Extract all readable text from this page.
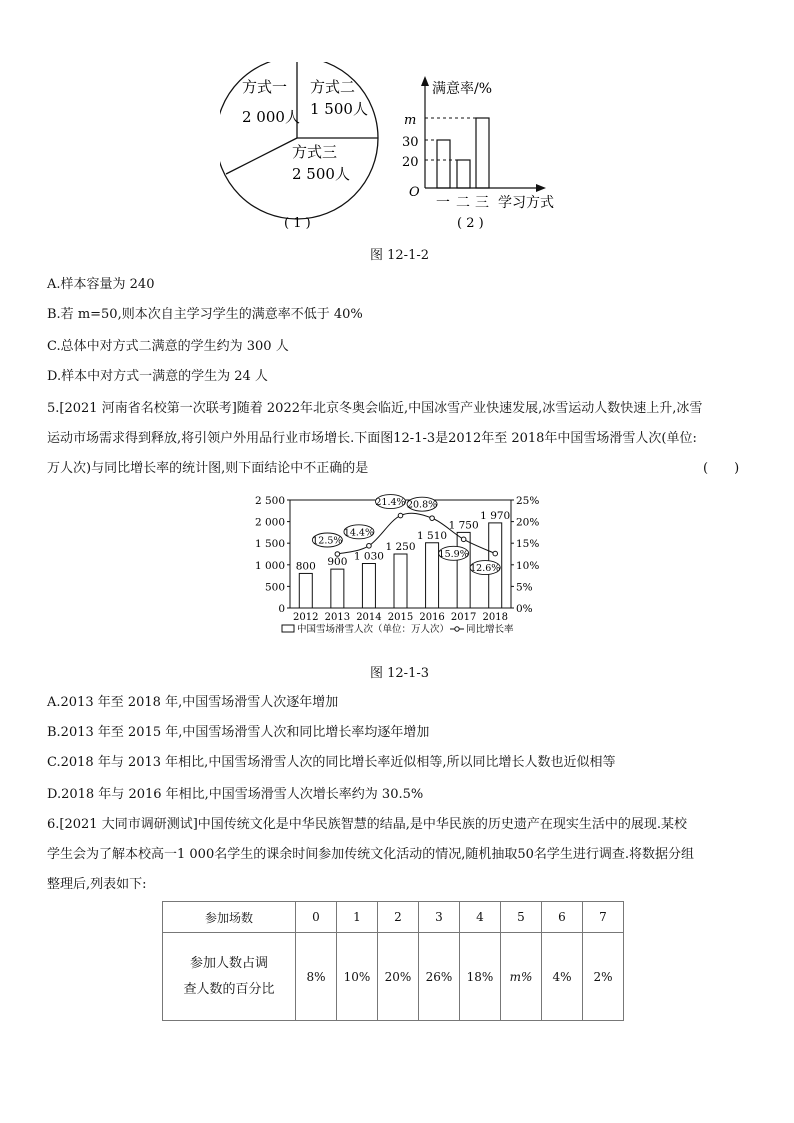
方式一
2 000人
方式二
1 500人
方式三
2 500人
( 1 )
满意率/%
m
30
20
O
一 二 三 学习方式
( 2 )
图 12-1-2
A.样本容量为 240
B.若 m=50,则本次自主学习学生的满意率不低于 40%
C.总体中对方式二满意的学生约为 300 人
D.样本中对方式一满意的学生为 24 人
5.[2021 河南省名校第一次联考]随着 2022年北京冬奥会临近,中国冰雪产业快速发展,冰雪运动人数快速上升,冰雪
运动市场需求得到释放,将引领户外用品行业市场增长.下面图12-1-3是2012年至 2018年中国雪场滑雪人次(单位:
万人次)与同比增长率的统计图,则下面结论中不正确的是	(　　)
2 500
2 000
1 500
1 000
500
0
25%
20%
15%
10%
5%
0%
800
2012
900
2013
1 030
2014
1 250
2015
1 510
2016
1 750
2017
1 970
2018
12.5%
14.4%
21.4% 20.8%
15.9%
12.6%
中国雪场滑雪人次（单位：万人次） 同比增长率
图 12-1-3
A.2013 年至 2018 年,中国雪场滑雪人次逐年增加
B.2013 年至 2015 年,中国雪场滑雪人次和同比增长率均逐年增加
C.2018 年与 2013 年相比,中国雪场滑雪人次的同比增长率近似相等,所以同比增长人数也近似相等
D.2018 年与 2016 年相比,中国雪场滑雪人次增长率约为 30.5%
6.[2021 大同市调研测试]中国传统文化是中华民族智慧的结晶,是中华民族的历史遗产在现实生活中的展现.某校
学生会为了解本校高一1 000名学生的课余时间参加传统文化活动的情况,随机抽取50名学生进行调查.将数据分组
整理后,列表如下:
参加场数	0	1	2	3	4	5	6	7

参加人数占调
查人数的百分比	8%	10%	20%	26%	18%	m%	4%	2%
